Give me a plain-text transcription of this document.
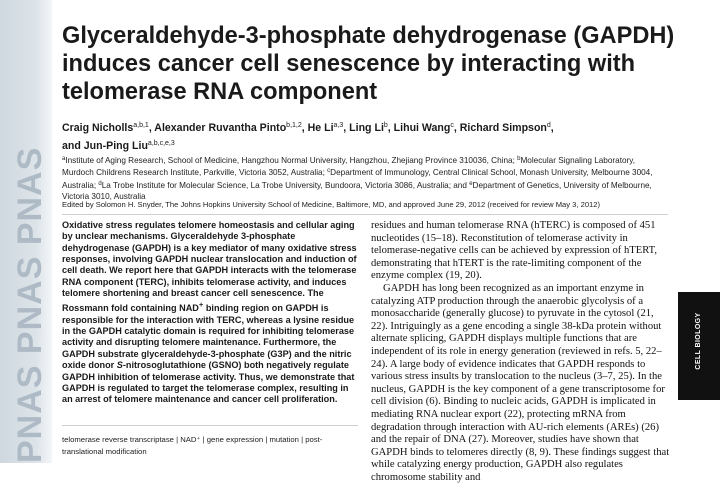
PNAS PNAS PNAS
Glyceraldehyde-3-phosphate dehydrogenase (GAPDH) induces cancer cell senescence by interacting with telomerase RNA component
Craig Nicholls$^{a,b,1}$, Alexander Ruvantha Pinto$^{b,1,2}$, He Li$^{a,3}$, Ling Li$^b$, Lihui Wang$^c$, Richard Simpson$^d$,
and Jun-Ping Liu$^{a,b,c,e,3}$
$^a$Institute of Aging Research, School of Medicine, Hangzhou Normal University, Hangzhou, Zhejiang Province 310036, China; $^b$Molecular Signaling Laboratory, Murdoch Childrens Research Institute, Parkville, Victoria 3052, Australia; $^c$Department of Immunology, Central Clinical School, Monash University, Melbourne 3004, Australia; $^d$La Trobe Institute for Molecular Science, La Trobe University, Bundoora, Victoria 3086, Australia; and $^e$Department of Genetics, University of Melbourne, Victoria 3010, Australia
Edited by Solomon H. Snyder, The Johns Hopkins University School of Medicine, Baltimore, MD, and approved June 29, 2012 (received for review May 3, 2012)
Oxidative stress regulates telomere homeostasis and cellular aging by unclear mechanisms. Glyceraldehyde 3-phosphate dehydrogenase (GAPDH) is a key mediator of many oxidative stress responses, involving GAPDH nuclear translocation and induction of cell death. We report here that GAPDH interacts with the telomerase RNA component (TERC), inhibits telomerase activity, and induces telomere shortening and breast cancer cell senescence. The Rossmann fold containing NAD+ binding region on GAPDH is responsible for the interaction with TERC, whereas a lysine residue in the GAPDH catalytic domain is required for inhibiting telomerase activity and disrupting telomere maintenance. Furthermore, the GAPDH substrate glyceraldehyde-3-phosphate (G3P) and the nitric oxide donor S-nitrosoglutathione (GSNO) both negatively regulate GAPDH inhibition of telomerase activity. Thus, we demonstrate that GAPDH is regulated to target the telomerase complex, resulting in an arrest of telomere maintenance and cancer cell proliferation.
telomerase reverse transcriptase | NAD⁺ | gene expression | mutation | post-translational modification

residues and human telomerase RNA (hTERC) is composed of 451 nucleotides (15–18). Reconstitution of telomerase activity in telomerase-negative cells can be achieved by expression of hTERT, demonstrating that hTERT is the rate-limiting component of the enzyme complex (19, 20).

GAPDH has long been recognized as an important enzyme in catalyzing ATP production through the anaerobic glycolysis of a monosaccharide (generally glucose) to pyruvate in the cytosol (21, 22). Intriguingly as a gene encoding a single 38-kDa protein without alternate splicing, GAPDH displays multiple functions that are independent of its role in energy generation (reviewed in refs. 5, 22–24). A large body of evidence indicates that GAPDH responds to various stress insults by translocation to the nucleus (3–7, 25). In the nucleus, GAPDH is the key component of a gene transcriptosome for cell division (6). Binding to nucleic acids, GAPDH is implicated in mediating RNA nuclear export (22), protecting mRNA from degradation through interaction with AU-rich elements (AREs) (26) and the repair of DNA (27). Moreover, studies have shown that GAPDH binds to telomeres directly (8, 9). These findings suggest that while catalyzing energy production, GAPDH also regulates chromosome stability and

CELL BIOLOGY
